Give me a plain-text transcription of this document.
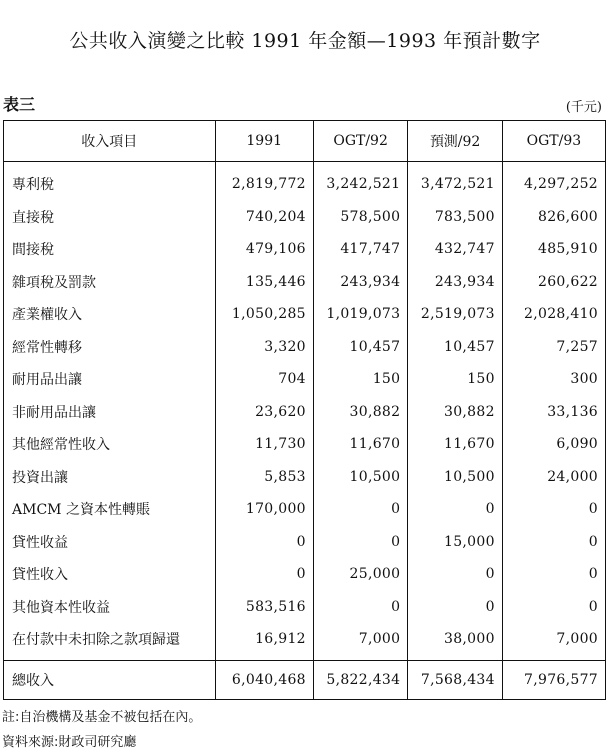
公共收入演變之比較 1991 年金額—1993 年預計數字
表三	(千元)
收入項目	1991	OGT/92	預測/92	OGT/93
專利稅	2,819,772	3,242,521	3,472,521	4,297,252
直接稅	740,204	578,500	783,500	826,600
間接稅	479,106	417,747	432,747	485,910
雜項稅及罰款	135,446	243,934	243,934	260,622
產業權收入	1,050,285	1,019,073	2,519,073	2,028,410
經常性轉移	3,320	10,457	10,457	7,257
耐用品出讓	704	150	150	300
非耐用品出讓	23,620	30,882	30,882	33,136
其他經常性收入	11,730	11,670	11,670	6,090
投資出讓	5,853	10,500	10,500	24,000
AMCM 之資本性轉賬	170,000	0	0	0
貸性收益	0	0	15,000	0
貸性收入	0	25,000	0	0
其他資本性收益	583,516	0	0	0
在付款中未扣除之款項歸還	16,912	7,000	38,000	7,000
總收入	6,040,468	5,822,434	7,568,434	7,976,577
註:自治機構及基金不被包括在內。
資料來源:財政司研究廳
